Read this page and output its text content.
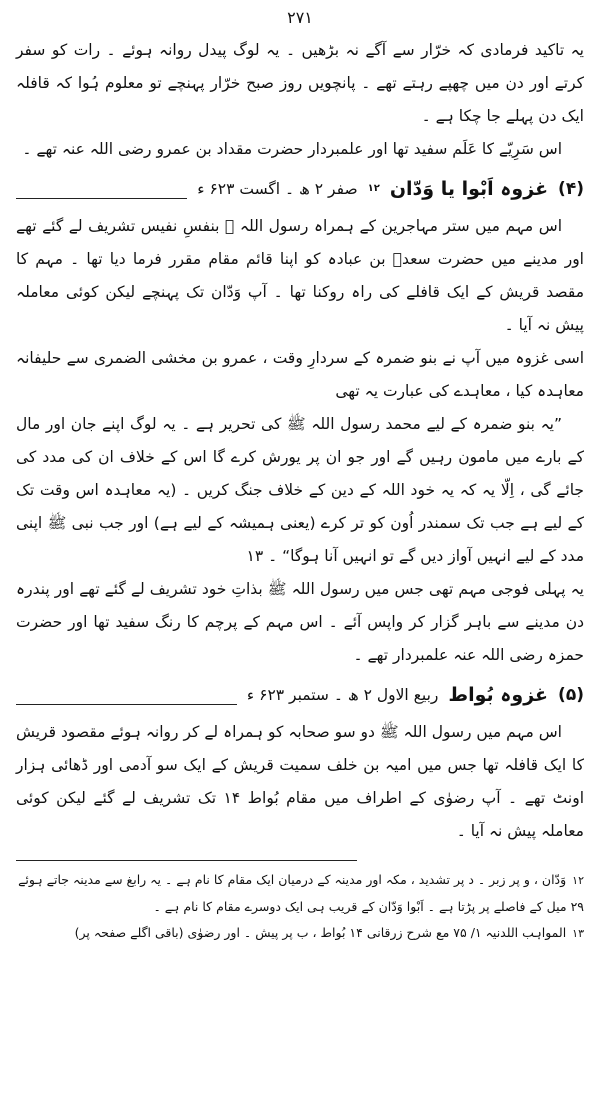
۲۷۱

یہ تاکید فرمادی کہ خرّار سے آگے نہ بڑھیں ۔ یہ لوگ پیدل روانہ ہوئے ۔ رات کو سفر کرتے اور دن میں چھپے رہتے تھے ۔ پانچویں روز صبح خرّار پہنچے تو معلوم ہُوا کہ قافلہ ایک دن پہلے جا چکا ہے ۔

اس سَرِیّے کا عَلَم سفید تھا اور علمبردار حضرت مقداد بن عمرو رضی اللہ عنہ تھے ۔

(۴)
غزوہ اَبْوا یا وَدّان
۱۲
صفر ۲ ھ ۔ اگست ۶۲۳ ء

اس مہم میں ستر مہاجرین کے ہمراہ رسول اللہ ﷺ بنفسِ نفیس تشریف لے گئے تھے اور مدینے میں حضرت سعدؓ بن عبادہ کو اپنا قائم مقام مقرر فرما دیا تھا ۔ مہم کا مقصد قریش کے ایک قافلے کی راہ روکنا تھا ۔ آپ وَدّان تک پہنچے لیکن کوئی معاملہ پیش نہ آیا ۔

اسی غزوہ میں آپ نے بنو ضمرہ کے سردارِ وقت ، عمرو بن مخشی الضمری سے حلیفانہ معاہدہ کیا ، معاہدے کی عبارت یہ تھی

”یہ بنو ضمرہ کے لیے محمد رسول اللہ ﷺ کی تحریر ہے ۔ یہ لوگ اپنے جان اور مال کے بارے میں مامون رہیں گے اور جو ان پر یورش کرے گا اس کے خلاف ان کی مدد کی جائے گی ، اِلّا یہ کہ یہ خود اللہ کے دین کے خلاف جنگ کریں ۔ (یہ معاہدہ اس وقت تک کے لیے ہے جب تک سمندر اُون کو تر کرے (یعنی ہمیشہ کے لیے ہے) اور جب نبی ﷺ اپنی مدد کے لیے انہیں آواز دیں گے تو انہیں آنا ہوگا“ ۔ ۱۳

یہ پہلی فوجی مہم تھی جس میں رسول اللہ ﷺ بذاتِ خود تشریف لے گئے تھے اور پندرہ دن مدینے سے باہر گزار کر واپس آئے ۔ اس مہم کے پرچم کا رنگ سفید تھا اور حضرت حمزہ رضی اللہ عنہ علمبردار تھے ۔

(۵)
غزوہ بُواط
ربیع الاول ۲ ھ ۔ ستمبر ۶۲۳ ء

اس مہم میں رسول اللہ ﷺ دو سو صحابہ کو ہمراہ لے کر روانہ ہوئے مقصود قریش کا ایک قافلہ تھا جس میں امیہ بن خلف سمیت قریش کے ایک سو آدمی اور ڈھائی ہزار اونٹ تھے ۔ آپ رضوٰی کے اطراف میں مقام بُواط ۱۴ تک تشریف لے گئے لیکن کوئی معاملہ پیش نہ آیا ۔

۱۲وَدّان ، و پر زبر ۔ د پر تشدید ، مکہ اور مدینہ کے درمیان ایک مقام کا نام ہے ۔ یہ رابغ سے مدینہ جاتے ہوئے ۲۹ میل کے فاصلے پر پڑتا ہے ۔ اَبْوا وَدّان کے قریب ہی ایک دوسرے مقام کا نام ہے ۔

۱۳المواہب اللدنیہ ۱/ ۷۵ مع شرح زرقانی ۱۴ بُواط ، ب پر پیش ۔ اور رضوٰی (باقی اگلے صفحہ پر)
